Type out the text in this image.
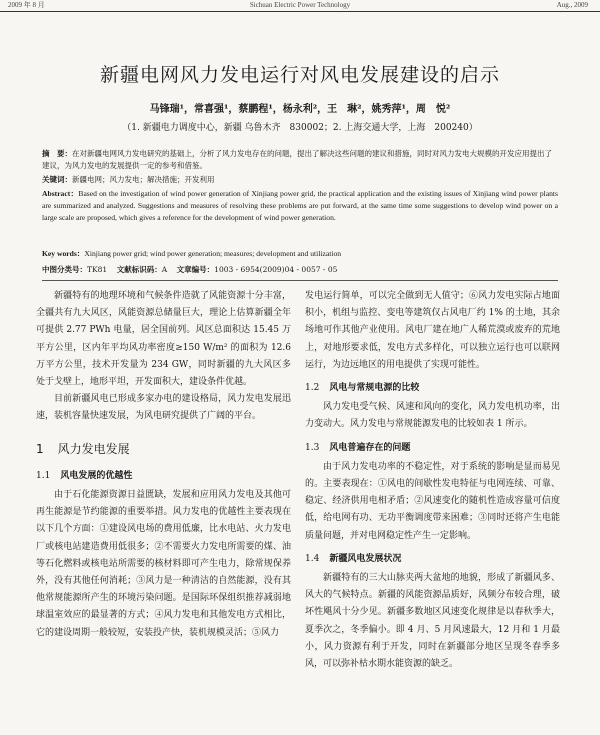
2009 年 8 月	Sichuan Electric Power Technology	Aug., 2009
新疆电网风力发电运行对风电发展建设的启示
马锋瑞¹，常喜强¹，蔡鹏程¹，杨永利²，王　琳²，姚秀萍¹，周　悦²
（1. 新疆电力调度中心，新疆 乌鲁木齐　830002；2. 上海交通大学，上海　200240）
摘　要：在对新疆电网风力发电研究的基础上，分析了风力发电存在的问题，提出了解决这些问题的建议和措施，同时对风力发电大规模的开发应用提出了建议，为风力发电的发展提供一定的参考和借鉴。
关键词：新疆电网；风力发电；解决措施；开发利用
Abstract：Based on the investigation of wind power generation of Xinjiang power grid, the practical application and the existing issues of Xinjiang wind power plants are summarized and analyzed. Suggestions and measures of resolving these problems are put forward, at the same time some suggestions to develop wind power on a large scale are proposed, which gives a reference for the development of wind power generation.
Key words：Xinjiang power grid; wind power generation; measures; development and utilization
中图分类号：TK81 文献标识码：A 文章编号：1003 - 6954(2009)04 - 0057 - 05

新疆特有的地理环境和气候条件造就了风能资源十分丰富，全疆共有九大风区，风能资源总储量巨大，理论上估算新疆全年可提供 2.77 PWh 电量，居全国前列。风区总面积达 15.45 万平方公里，区内年平均风功率密度≥150 W/m² 的面积为 12.6 万平方公里，技术开发量为 234 GW，同时新疆的九大风区多处于戈壁上，地形平坦，开发面积大，建设条件优越。

目前新疆风电已形成多家办电的建设格局，风力发电发展迅速，装机容量快速发展，为风电研究提供了广阔的平台。

1 风力发电发展
1.1 风电发展的优越性

由于石化能源资源日益匮缺，发展和应用风力发电及其他可再生能源是节约能源的重要举措。风力发电的优越性主要表现在以下几个方面：①建设风电场的费用低廉，比水电站、火力发电厂或核电站建造费用低很多；②不需要火力发电所需要的煤、油等石化燃料或核电站所需要的核材料即可产生电力，除常规保养外，没有其他任何消耗；③风力是一种清洁的自然能源，没有其他常规能源所产生的环境污染问题。是国际环保组织推荐减弱地球温室效应的最显著的方式；④风力发电和其他发电方式相比，它的建设周期一般较短，安装投产快，装机规模灵活；⑤风力

发电运行简单，可以完全做到无人值守；⑥风力发电实际占地面积小，机组与监控、变电等建筑仅占风电厂约 1% 的土地，其余场地可作其他产业使用。风电厂建在地广人稀荒漠或废弃的荒地上，对地形要求低，发电方式多样化，可以独立运行也可以联网运行，为边远地区的用电提供了实现可能性。

1.2 风电与常规电源的比较

风力发电受气候、风速和风向的变化，风力发电机功率，出力变动大。风力发电与常规能源发电的比较如表 1 所示。

1.3 风电普遍存在的问题

由于风力发电功率的不稳定性，对于系统的影响是显而易见的。主要表现在：①风电的间歇性发电特征与电网连续、可靠、稳定、经济供用电相矛盾；②风速变化的随机性造成容量可信度低，给电网有功、无功平衡调度带来困难；③同时还将产生电能质量问题，并对电网稳定性产生一定影响。

1.4 新疆风电发展状况

新疆特有的三大山脉夹两大盆地的地貌，形成了新疆风多、风大的气候特点。新疆的风能资源品质好，风频分布较合理，破坏性飓风十分少见。新疆多数地区风速变化规律是以春秋季大，夏季次之，冬季偏小。即 4 月、5 月风速最大，12 月和 1 月最小，风力资源有利于开发，同时在新疆部分地区呈现冬春季多风，可以弥补枯水期水能资源的缺乏。
